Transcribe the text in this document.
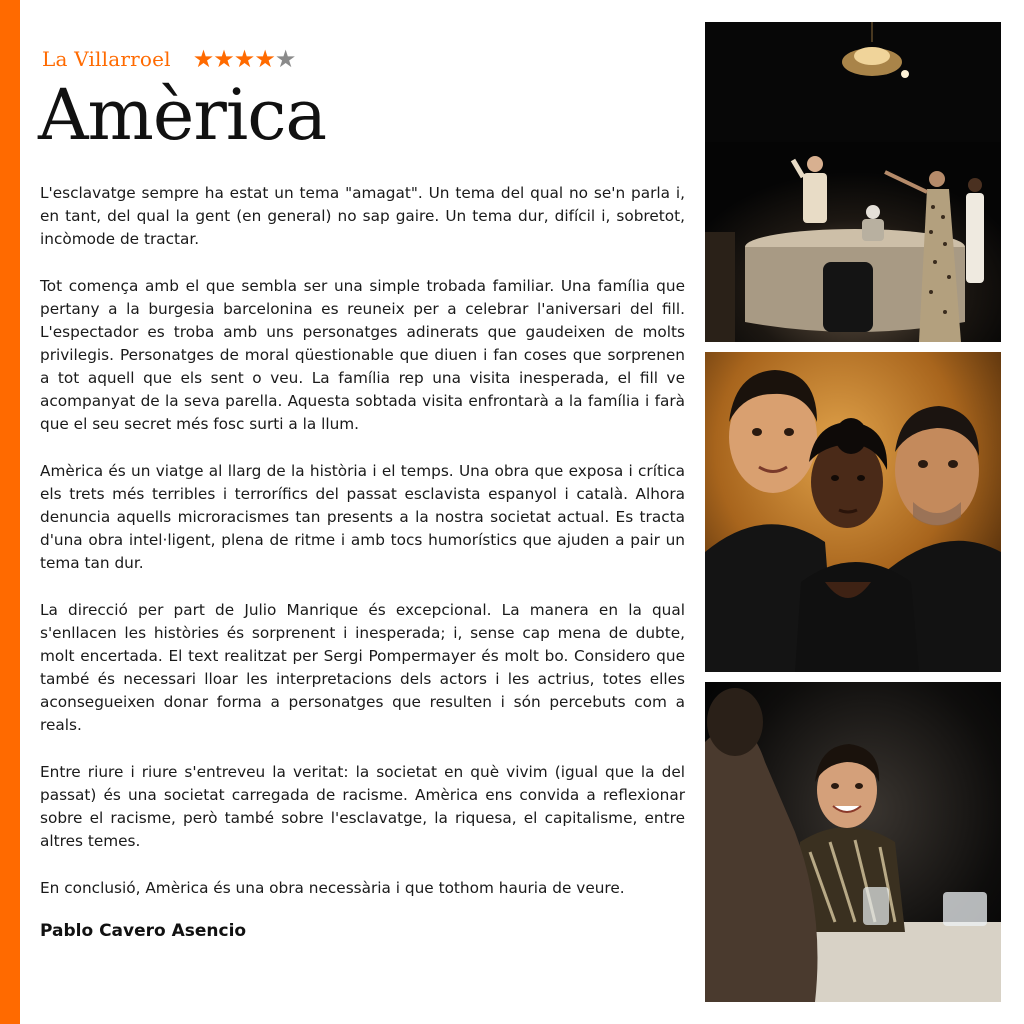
La Villarroel ★★★★★
Amèrica

L'esclavatge sempre ha estat un tema "amagat". Un tema del qual no se'n parla i, en tant, del qual la gent (en general) no sap gaire. Un tema dur, difícil i, sobretot, incòmode de tractar.

Tot comença amb el que sembla ser una simple trobada familiar. Una família que pertany a la burgesia barcelonina es reuneix per a celebrar l'aniversari del fill. L'espectador es troba amb uns personatges adinerats que gaudeixen de molts privilegis. Personatges de moral qüestionable que diuen i fan coses que sorprenen a tot aquell que els sent o veu. La família rep una visita inesperada, el fill ve acompanyat de la seva parella. Aquesta sobtada visita enfrontarà a la família i farà que el seu secret més fosc surti a la llum.

Amèrica és un viatge al llarg de la història i el temps. Una obra que exposa i crítica els trets més terribles i terrorífics del passat esclavista espanyol i català. Alhora denuncia aquells microracismes tan presents a la nostra societat actual. Es tracta d'una obra intel·ligent, plena de ritme i amb tocs humorístics que ajuden a pair un tema tan dur.

La direcció per part de Julio Manrique és excepcional. La manera en la qual s'enllacen les històries és sorprenent i inesperada; i, sense cap mena de dubte, molt encertada. El text realitzat per Sergi Pompermayer és molt bo. Considero que també és necessari lloar les interpretacions dels actors i les actrius, totes elles aconsegueixen donar forma a personatges que resulten i són percebuts com a reals.

Entre riure i riure s'entreveu la veritat: la societat en què vivim (igual que la del passat) és una societat carregada de racisme. Amèrica ens convida a reflexionar sobre el racisme, però també sobre l'esclavatge, la riquesa, el capitalisme, entre altres temes.

En conclusió, Amèrica és una obra necessària i que tothom hauria de veure.

Pablo Cavero Asencio
